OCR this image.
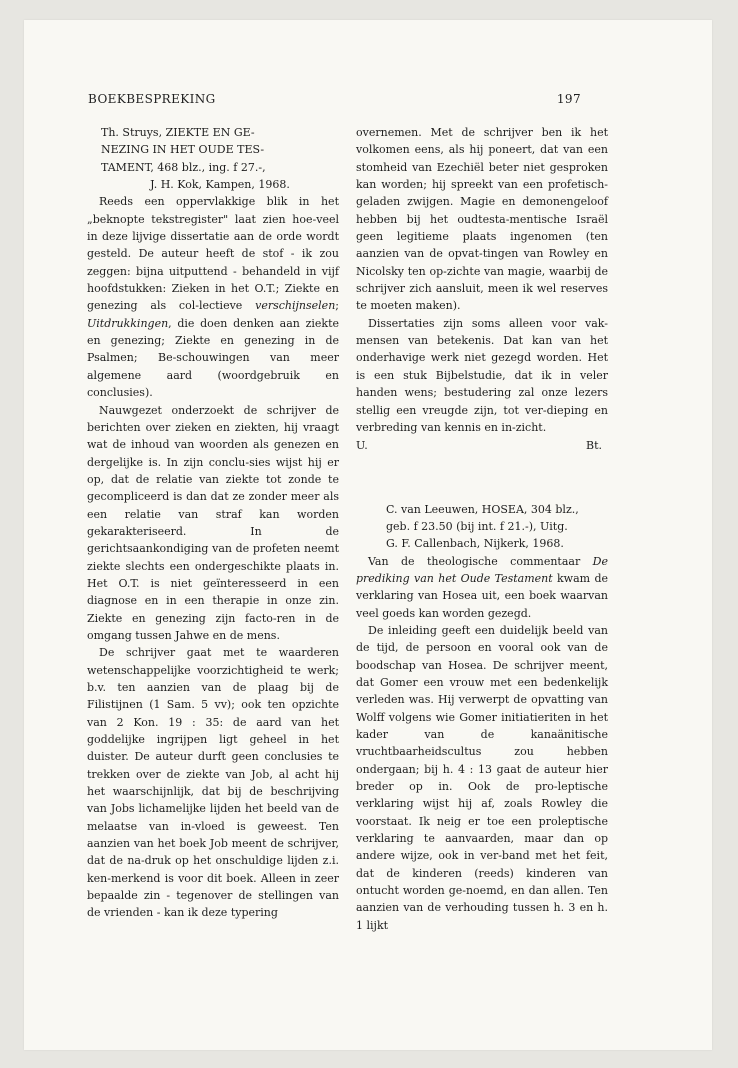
BOEKBESPREKING	197
Th. Struys, ZIEKTE EN GE-
NEZING IN HET OUDE TES-
TAMENT, 468 blz., ing. f 27.-,
J. H. Kok, Kampen, 1968.

Reeds een oppervlakkige blik in het „beknopte tekstregister" laat zien hoe-veel in deze lijvige dissertatie aan de orde wordt gesteld. De auteur heeft de stof - ik zou zeggen: bijna uitputtend - behandeld in vijf hoofdstukken: Zieken in het O.T.; Ziekte en genezing als col-lectieve verschijnselen; Uitdrukkingen, die doen denken aan ziekte en genezing; Ziekte en genezing in de Psalmen; Be-schouwingen van meer algemene aard (woordgebruik en conclusies).

Nauwgezet onderzoekt de schrijver de berichten over zieken en ziekten, hij vraagt wat de inhoud van woorden als genezen en dergelijke is. In zijn conclu-sies wijst hij er op, dat de relatie van ziekte tot zonde te gecompliceerd is dan dat ze zonder meer als een relatie van straf kan worden gekarakteriseerd. In de gerichtsaankondiging van de profeten neemt ziekte slechts een ondergeschikte plaats in. Het O.T. is niet geïnteresseerd in een diagnose en in een therapie in onze zin. Ziekte en genezing zijn facto-ren in de omgang tussen Jahwe en de mens.

De schrijver gaat met te waarderen wetenschappelijke voorzichtigheid te werk; b.v. ten aanzien van de plaag bij de Filistijnen (1 Sam. 5 vv); ook ten opzichte van 2 Kon. 19 : 35: de aard van het goddelijke ingrijpen ligt geheel in het duister. De auteur durft geen conclusies te trekken over de ziekte van Job, al acht hij het waarschijnlijk, dat bij de beschrijving van Jobs lichamelijke lijden het beeld van de melaatse van in-vloed is geweest. Ten aanzien van het boek Job meent de schrijver, dat de na-druk op het onschuldige lijden z.i. ken-merkend is voor dit boek. Alleen in zeer bepaalde zin - tegenover de stellingen van de vrienden - kan ik deze typering

overnemen. Met de schrijver ben ik het volkomen eens, als hij poneert, dat van een stomheid van Ezechiël beter niet gesproken kan worden; hij spreekt van een profetisch-geladen zwijgen. Magie en demonengeloof hebben bij het oudtesta-mentische Israël geen legitieme plaats ingenomen (ten aanzien van de opvat-tingen van Rowley en Nicolsky ten op-zichte van magie, waarbij de schrijver zich aansluit, meen ik wel reserves te moeten maken).

Dissertaties zijn soms alleen voor vak-mensen van betekenis. Dat kan van het onderhavige werk niet gezegd worden. Het is een stuk Bijbelstudie, dat ik in veler handen wens; bestudering zal onze lezers stellig een vreugde zijn, tot ver-dieping en verbreding van kennis en in-zicht.

U.	Bt.
C. van Leeuwen, HOSEA, 304 blz.,
geb. f 23.50 (bij int. f 21.-), Uitg.
G. F. Callenbach, Nijkerk, 1968.

Van de theologische commentaar De prediking van het Oude Testament kwam de verklaring van Hosea uit, een boek waarvan veel goeds kan worden gezegd.

De inleiding geeft een duidelijk beeld van de tijd, de persoon en vooral ook van de boodschap van Hosea. De schrijver meent, dat Gomer een vrouw met een bedenkelijk verleden was. Hij verwerpt de opvatting van Wolff volgens wie Gomer initiatieriten in het kader van de kanaänitische vruchtbaarheidscultus zou hebben ondergaan; bij h. 4 : 13 gaat de auteur hier breder op in. Ook de pro-leptische verklaring wijst hij af, zoals Rowley die voorstaat. Ik neig er toe een proleptische verklaring te aanvaarden, maar dan op andere wijze, ook in ver-band met het feit, dat de kinderen (reeds) kinderen van ontucht worden ge-noemd, en dan allen. Ten aanzien van de verhouding tussen h. 3 en h. 1 lijkt
